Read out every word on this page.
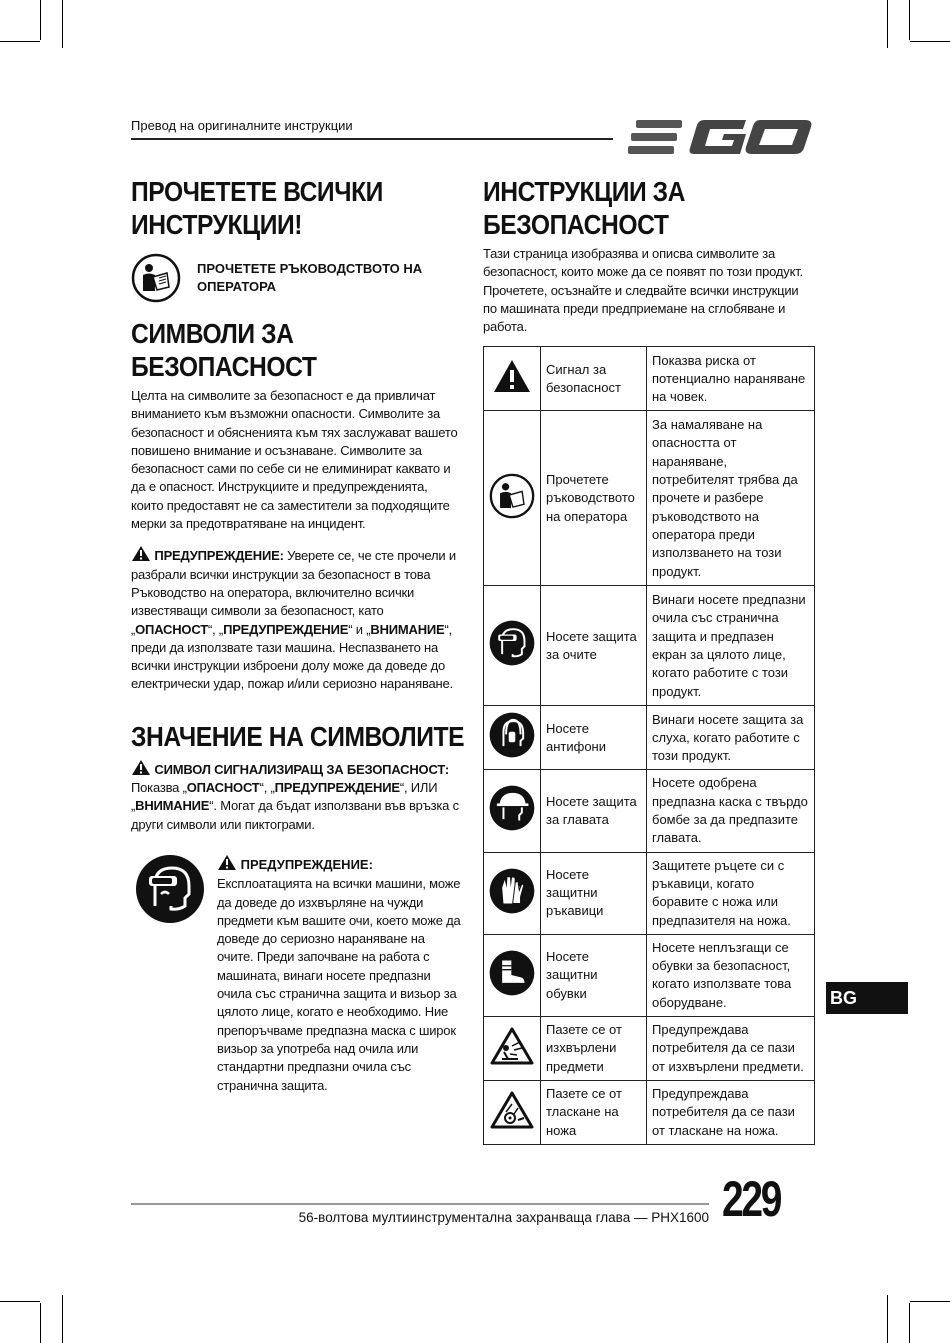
Превод на оригиналните инструкции
ПРОЧЕТЕТЕ ВСИЧКИ ИНСТРУКЦИИ!
ПРОЧЕТЕТЕ РЪКОВОДСТВОТО НА ОПЕРАТОРА
СИМВОЛИ ЗА БЕЗОПАСНОСТ

Целта на символите за безопасност е да привличат вниманието към възможни опасности. Символите за безопасност и обясненията към тях заслужават вашето повишено внимание и осъзнаване. Символите за безопасност сами по себе си не елиминират каквато и да е опасност. Инструкциите и предупрежденията, които предоставят не са заместители за подходящите мерки за предотвратяване на инцидент.

ПРЕДУПРЕЖДЕНИЕ: Уверете се, че сте прочели и разбрали всички инструкции за безопасност в това Ръководство на оператора, включително всички известяващи символи за безопасност, като „ОПАСНОСТ“, „ПРЕДУПРЕЖДЕНИЕ“ и „ВНИМАНИЕ“, преди да използвате тази машина. Неспазването на всички инструкции изброени долу може да доведе до електрически удар, пожар и/или сериозно нараняване.

ЗНАЧЕНИЕ НА СИМВОЛИТЕ

СИМВОЛ СИГНАЛИЗИРАЩ ЗА БЕЗОПАСНОСТ: Показва „ОПАСНОСТ“, „ПРЕДУПРЕЖДЕНИЕ“, ИЛИ „ВНИМАНИЕ“. Могат да бъдат използвани във връзка с други символи или пиктограми.

ПРЕДУПРЕЖДЕНИЕ:

Експлоатацията на всички машини, може да доведе до изхвърляне на чужди предмети към вашите очи, което може да доведе до сериозно нараняване на очите. Преди започване на работа с машината, винаги носете предпазни очила със странична защита и визьор за цялото лице, когато е необходимо. Ние препоръчваме предпазна маска с широк визьор за употреба над очила или стандартни предпазни очила със странична защита.

ИНСТРУКЦИИ ЗА БЕЗОПАСНОСТ

Тази страница изобразява и описва символите за безопасност, които може да се появят по този продукт. Прочетете, осъзнайте и следвайте всички инструкции по машината преди предприемане на сглобяване и работа.

	Сигнал за безопасност	Показва риска от потенциално нараняване на човек.
	Прочетете ръководството на оператора	За намаляване на опасността от нараняване, потребителят трябва да прочете и разбере ръководството на оператора преди използването на този продукт.
	Носете защита за очите	Винаги носете предпазни очила със странична защита и предпазен екран за цялото лице, когато работите с този продукт.
	Носете антифони	Винаги носете защита за слуха, когато работите с този продукт.
	Носете защита за главата	Носете одобрена предпазна каска с твърдо бомбе за да предпазите главата.
	Носете защитни ръкавици	Защитете ръцете си с ръкавици, когато боравите с ножа или предпазителя на ножа.
	Носете защитни обувки	Носете неплъзгащи се обувки за безопасност, когато използвате това оборудване.
	Пазете се от изхвърлени предмети	Предупреждава потребителя да се пази от изхвърлени предмети.
	Пазете се от тласкане на ножа	Предупреждава потребителя да се пази от тласкане на ножа.
BG
56-волтова мултиинструментална захранваща глава — PHX1600 229
